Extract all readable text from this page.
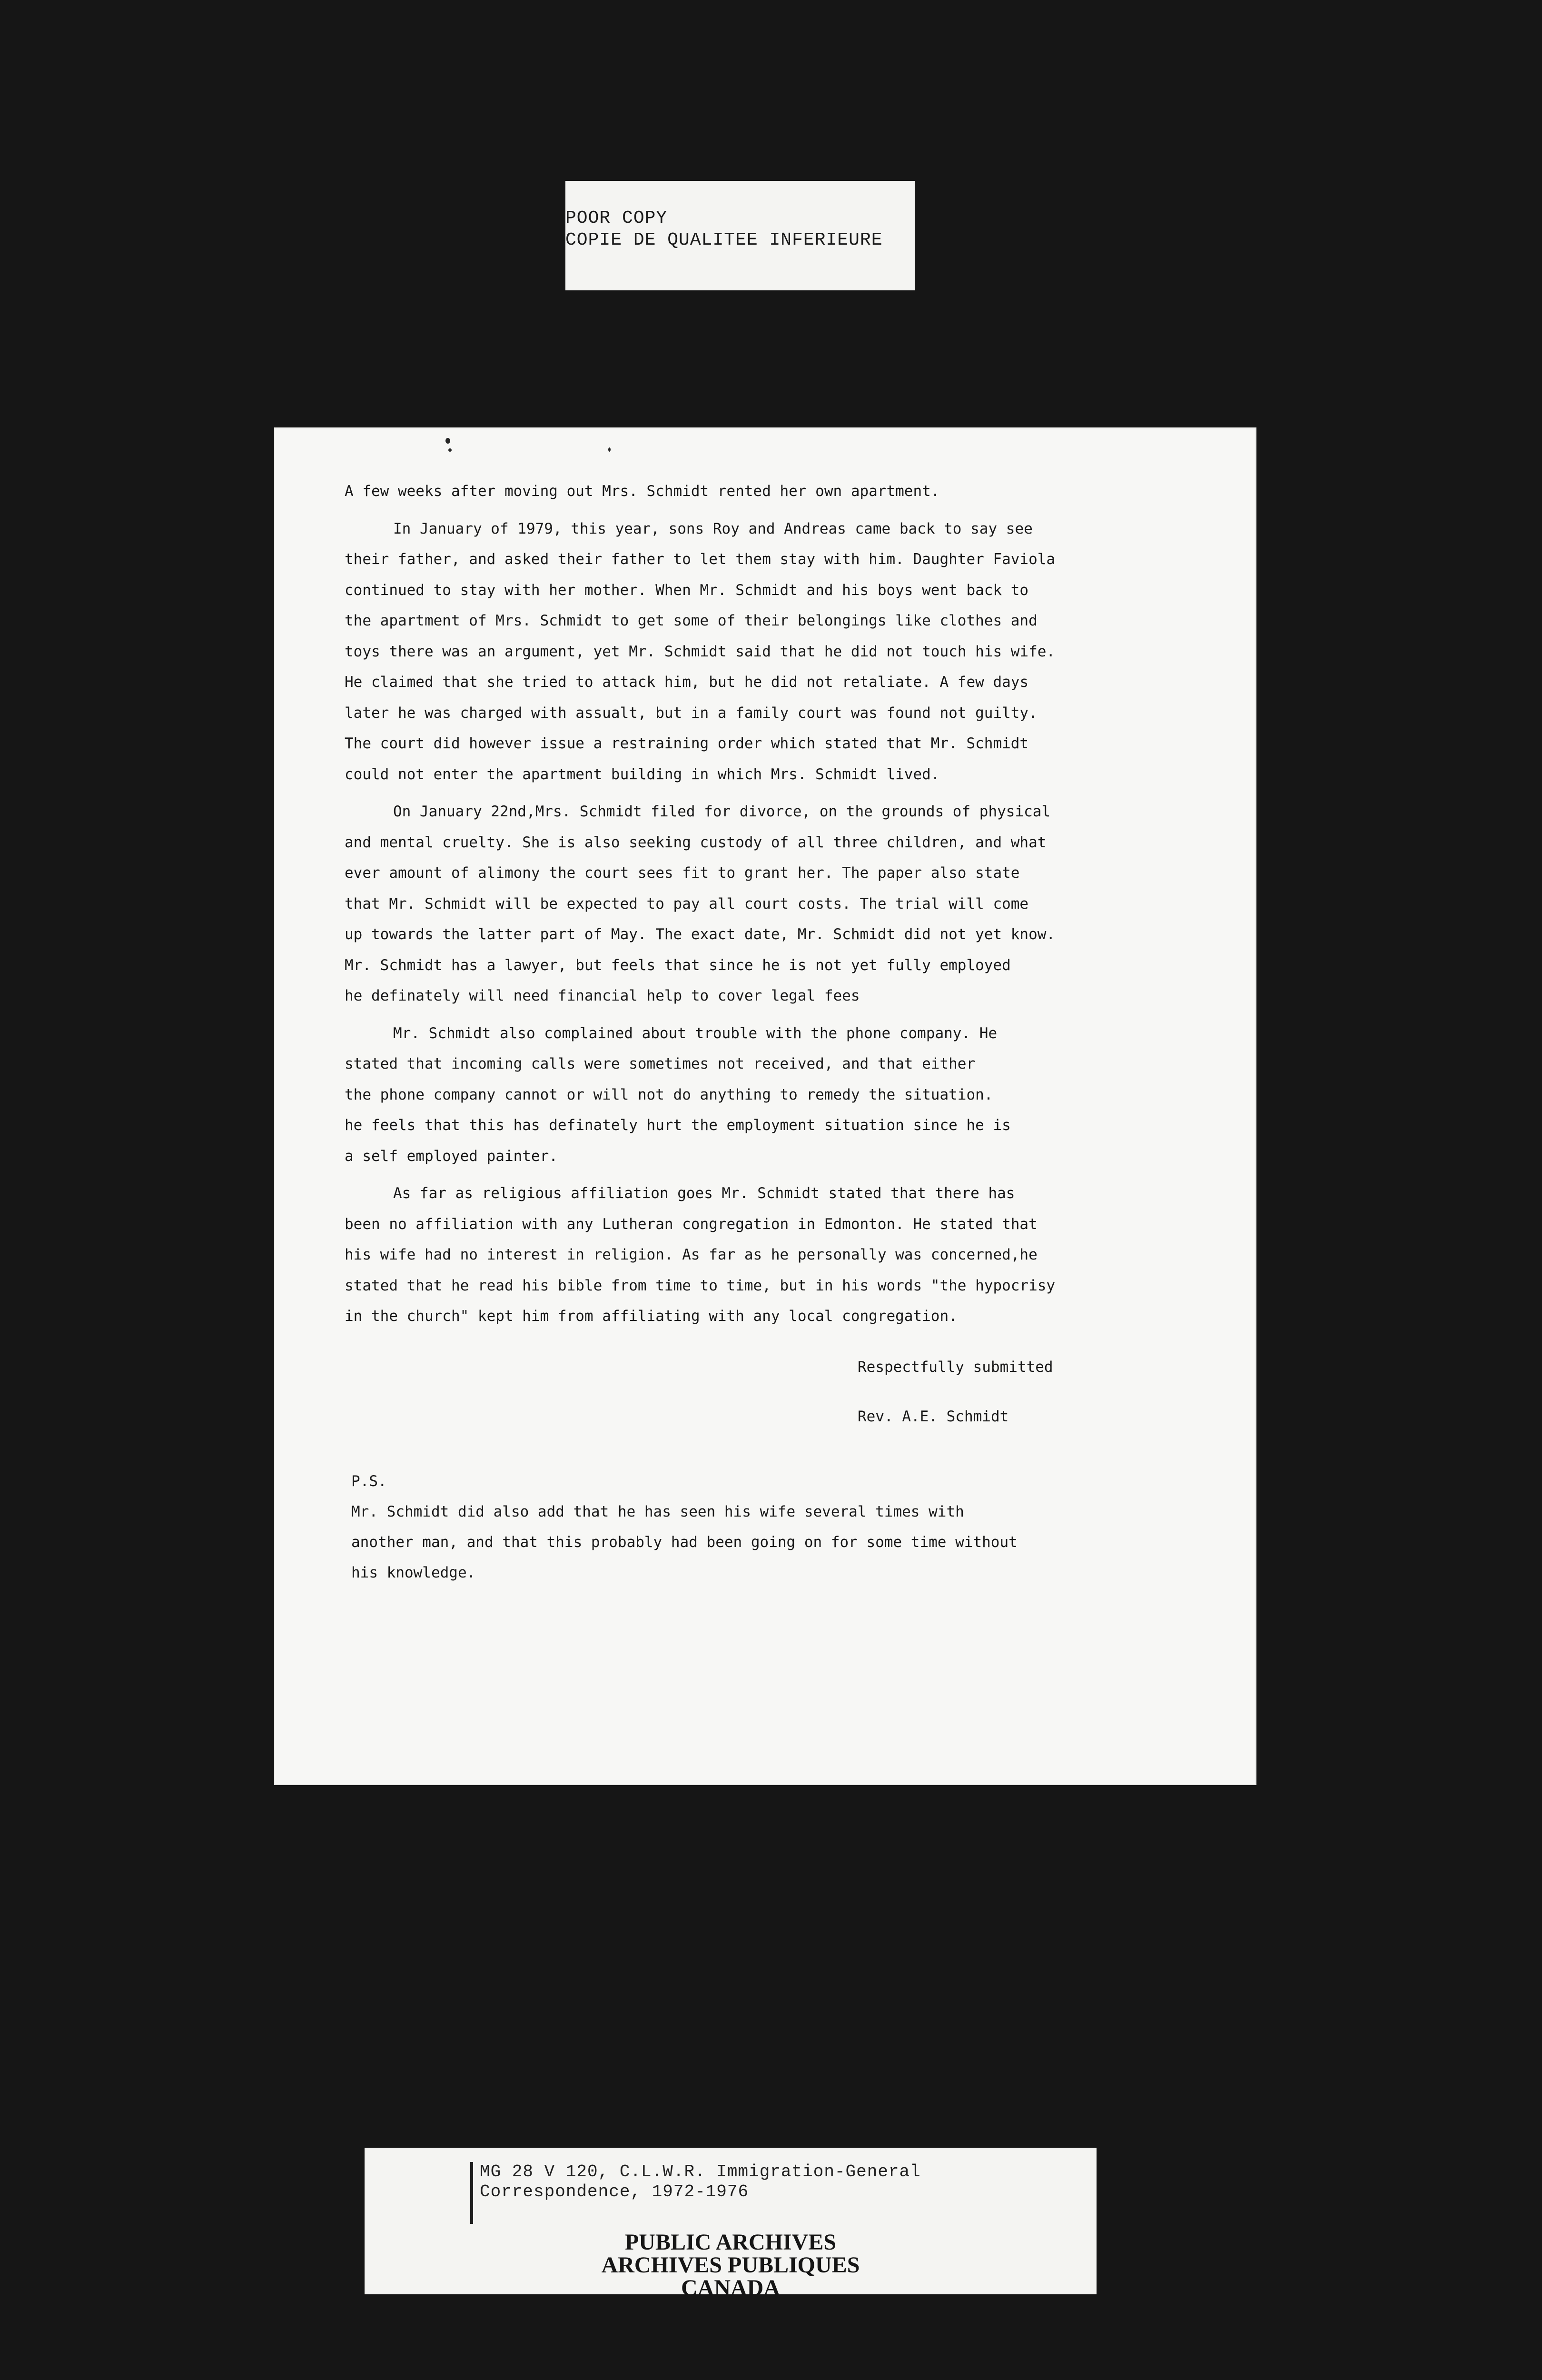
POOR COPY
COPIE DE QUALITEE INFERIEURE
A few weeks after moving out Mrs. Schmidt rented her own apartment.
In January of 1979, this year, sons Roy and Andreas came back to say see
their father, and asked their father to let them stay with him. Daughter Faviola
continued to stay with her mother. When Mr. Schmidt and his boys went back to
the apartment of Mrs. Schmidt to get some of their belongings like clothes and
toys there was an argument, yet Mr. Schmidt said that he did not touch his wife.
He claimed that she tried to attack him, but he did not retaliate. A few days
later he was charged with assualt, but in a family court was found not guilty.
The court did however issue a restraining order which stated that Mr. Schmidt
could not enter the apartment building in which Mrs. Schmidt lived.
On January 22nd,Mrs. Schmidt filed for divorce, on the grounds of physical
and mental cruelty. She is also seeking custody of all three children, and what
ever amount of alimony the court sees fit to grant her. The paper also state
that Mr. Schmidt will be expected to pay all court costs. The trial will come
up towards the latter part of May. The exact date, Mr. Schmidt did not yet know.
Mr. Schmidt has a lawyer, but feels that since he is not yet fully employed
he definately will need financial help to cover legal fees
Mr. Schmidt also complained about trouble with the phone company. He
stated that incoming calls were sometimes not received, and that either
the phone company cannot or will not do anything to remedy the situation.
he feels that this has definately hurt the employment situation since he is
a self employed painter.
As far as religious affiliation goes Mr. Schmidt stated that there has
been no affiliation with any Lutheran congregation in Edmonton. He stated that
his wife had no interest in religion. As far as he personally was concerned,he
stated that he read his bible from time to time, but in his words "the hypocrisy
in the church" kept him from affiliating with any local congregation.
Respectfully submitted
Rev. A.E. Schmidt
P.S.
Mr. Schmidt did also add that he has seen his wife several times with
another man, and that this probably had been going on for some time without
his knowledge.
MG 28 V 120, C.L.W.R. Immigration-General
Correspondence, 1972-1976
PUBLIC ARCHIVES
ARCHIVES PUBLIQUES
CANADA
